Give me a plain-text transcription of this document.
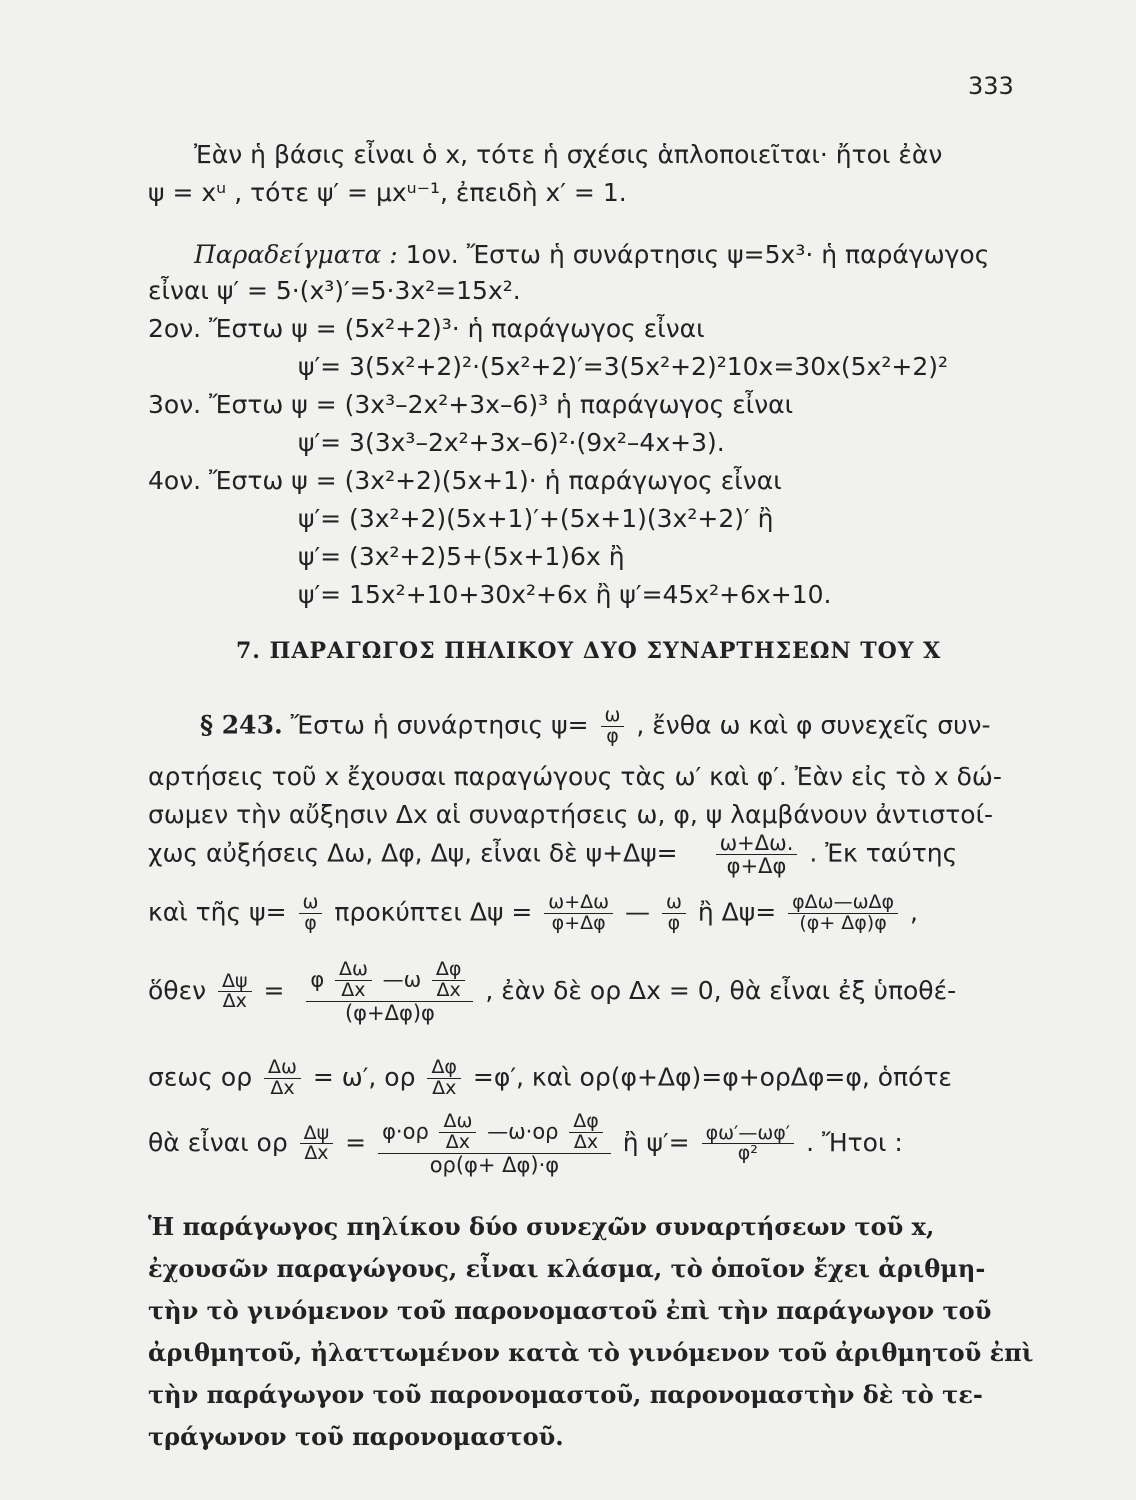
333
Ἐὰν ἡ βάσις εἶναι ὁ x, τότε ἡ σχέσις ἁπλοποιεῖται· ἤτοι ἐὰν
ψ = xᵘ , τότε ψ′ = μxᵘ⁻¹, ἐπειδὴ x′ = 1.
Παραδείγματα : 1ον. Ἔστω ἡ συνάρτησις ψ=5x³· ἡ παράγωγος
εἶναι ψ′ = 5·(x³)′=5·3x²=15x².
2ον. Ἔστω ψ = (5x²+2)³· ἡ παράγωγος εἶναι
ψ′= 3(5x²+2)²·(5x²+2)′=3(5x²+2)²10x=30x(5x²+2)²
3ον. Ἔστω ψ = (3x³–2x²+3x–6)³ ἡ παράγωγος εἶναι
ψ′= 3(3x³–2x²+3x–6)²·(9x²–4x+3).
4ον. Ἔστω ψ = (3x²+2)(5x+1)· ἡ παράγωγος εἶναι
ψ′= (3x²+2)(5x+1)′+(5x+1)(3x²+2)′ ἢ
ψ′= (3x²+2)5+(5x+1)6x ἢ
ψ′= 15x²+10+30x²+6x ἢ ψ′=45x²+6x+10.
7. ΠΑΡΑΓΩΓΟΣ ΠΗΛΙΚΟΥ ΔΥΟ ΣΥΝΑΡΤΗΣΕΩΝ ΤΟΥ X
§ 243. Ἔστω ἡ συνάρτησις $\psi= \frac{\omega}{\varphi}$ , ἔνθα ω καὶ φ συνεχεῖς συν-
αρτήσεις τοῦ x ἔχουσαι παραγώγους τὰς ω′ καὶ φ′. Ἐὰν εἰς τὸ x δώ-
σωμεν τὴν αὔξησιν Δx αἱ συναρτήσεις ω, φ, ψ λαμβάνουν ἀντιστοί-
χως αὐξήσεις Δω, Δφ, Δψ, εἶναι δὲ $\psi+\Delta\psi= \frac{\omega+\Delta\omega.}{\varphi+\Delta\varphi}$ . Ἐκ ταύτης
καὶ τῆς $\psi= \frac{\omega}{\varphi}$ προκύπτει $\Delta\psi = \frac{\omega+\Delta\omega}{\varphi+\Delta\varphi}$ — $\frac{\omega}{\varphi}$ ἢ $\Delta\psi= \frac{\text{φΔω—ωΔφ}}{(\varphi+ \Delta\varphi)\varphi}$ ,
ὅθεν $\frac{\Delta\psi}{\Delta x} = \varphi \frac{\Delta\omega}{\Delta x}$ —ω $\frac{\Delta\varphi}{\Delta x}$
(φ+Δφ)φ
, ἐὰν δὲ ορ Δx = 0, θὰ εἶναι ἐξ ὑποθέ-
σεως ορ $\frac{\Delta\omega}{\Delta x} = \omega'$, ορ $\frac{\Delta\varphi}{\Delta x} =\varphi'$, καὶ ορ(φ+Δφ)=φ+ορΔφ=φ, ὁπότε
θὰ εἶναι ορ $\frac{\Delta\psi}{\Delta x} = \varphi\cdot o\rho \frac{\Delta\omega}{\Delta x}$ —ω·ορ $\frac{\Delta\varphi}{\Delta x}$
ορ(φ+ Δφ)·φ
ἢ $\psi'= \frac{\varphi\omega'—\omega\varphi'}{\text{φ²}}$ . Ἤτοι :
Ἡ παράγωγος πηλίκου δύο συνεχῶν συναρτήσεων τοῦ x,
ἐχουσῶν παραγώγους, εἶναι κλάσμα, τὸ ὁποῖον ἔχει ἀριθμη-
τὴν τὸ γινόμενον τοῦ παρονομαστοῦ ἐπὶ τὴν παράγωγον τοῦ
ἀριθμητοῦ, ἠλαττωμένον κατὰ τὸ γινόμενον τοῦ ἀριθμητοῦ ἐπὶ
τὴν παράγωγον τοῦ παρονομαστοῦ, παρονομαστὴν δὲ τὸ τε-
τράγωνον τοῦ παρονομαστοῦ.
